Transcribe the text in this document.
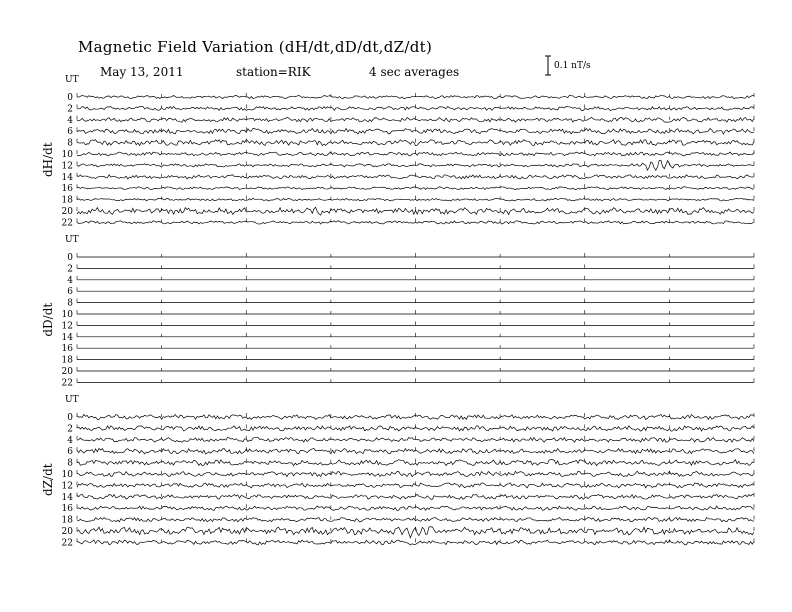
Magnetic Field Variation (dH/dt,dD/dt,dZ/dt)
May 13, 2011	station=RIK	4 sec averages	0.1 nT/s
UT
dH/dt
0
2
4
6
8
10
12
14
16
18
20
22
UT
dD/dt
0
2
4
6
8
10
12
14
16
18
20
22
UT
dZ/dt
0
2
4
6
8
10
12
14
16
18
20
22
